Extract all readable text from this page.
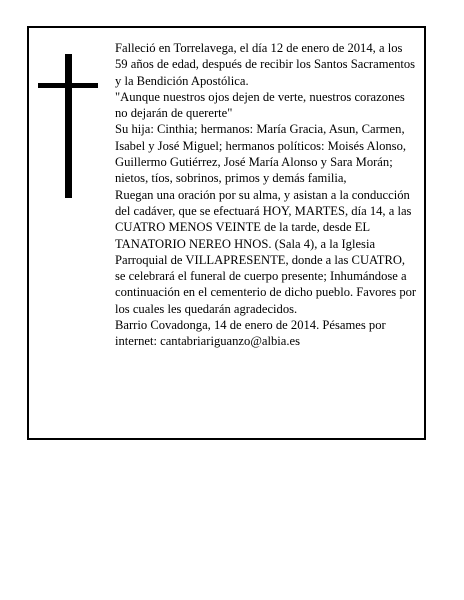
Falleció en Torrelavega, el día 12 de enero de 2014, a los 59 años de edad, después de recibir los Santos Sacramentos y la Bendición Apostólica.

"Aunque nuestros ojos dejen de verte, nuestros corazones no dejarán de quererte"

Su hija: Cinthia; hermanos: María Gracia, Asun, Carmen, Isabel y José Miguel; hermanos políticos: Moisés Alonso, Guillermo Gutiérrez, José María Alonso y Sara Morán; nietos, tíos, sobrinos, primos y demás familia,

Ruegan una oración por su alma, y asistan a la conducción del cadáver, que se efectuará HOY, MARTES, día 14, a las CUATRO MENOS VEINTE de la tarde, desde EL TANATORIO NEREO HNOS. (Sala 4), a la Iglesia Parroquial de VILLAPRESENTE, donde a las CUATRO, se celebrará el funeral de cuerpo presente; Inhumándose a continuación en el cementerio de dicho pueblo. Favores por los cuales les quedarán agradecidos.

Barrio Covadonga, 14 de enero de 2014. Pésames por internet: cantabriariguanzo@albia.es
